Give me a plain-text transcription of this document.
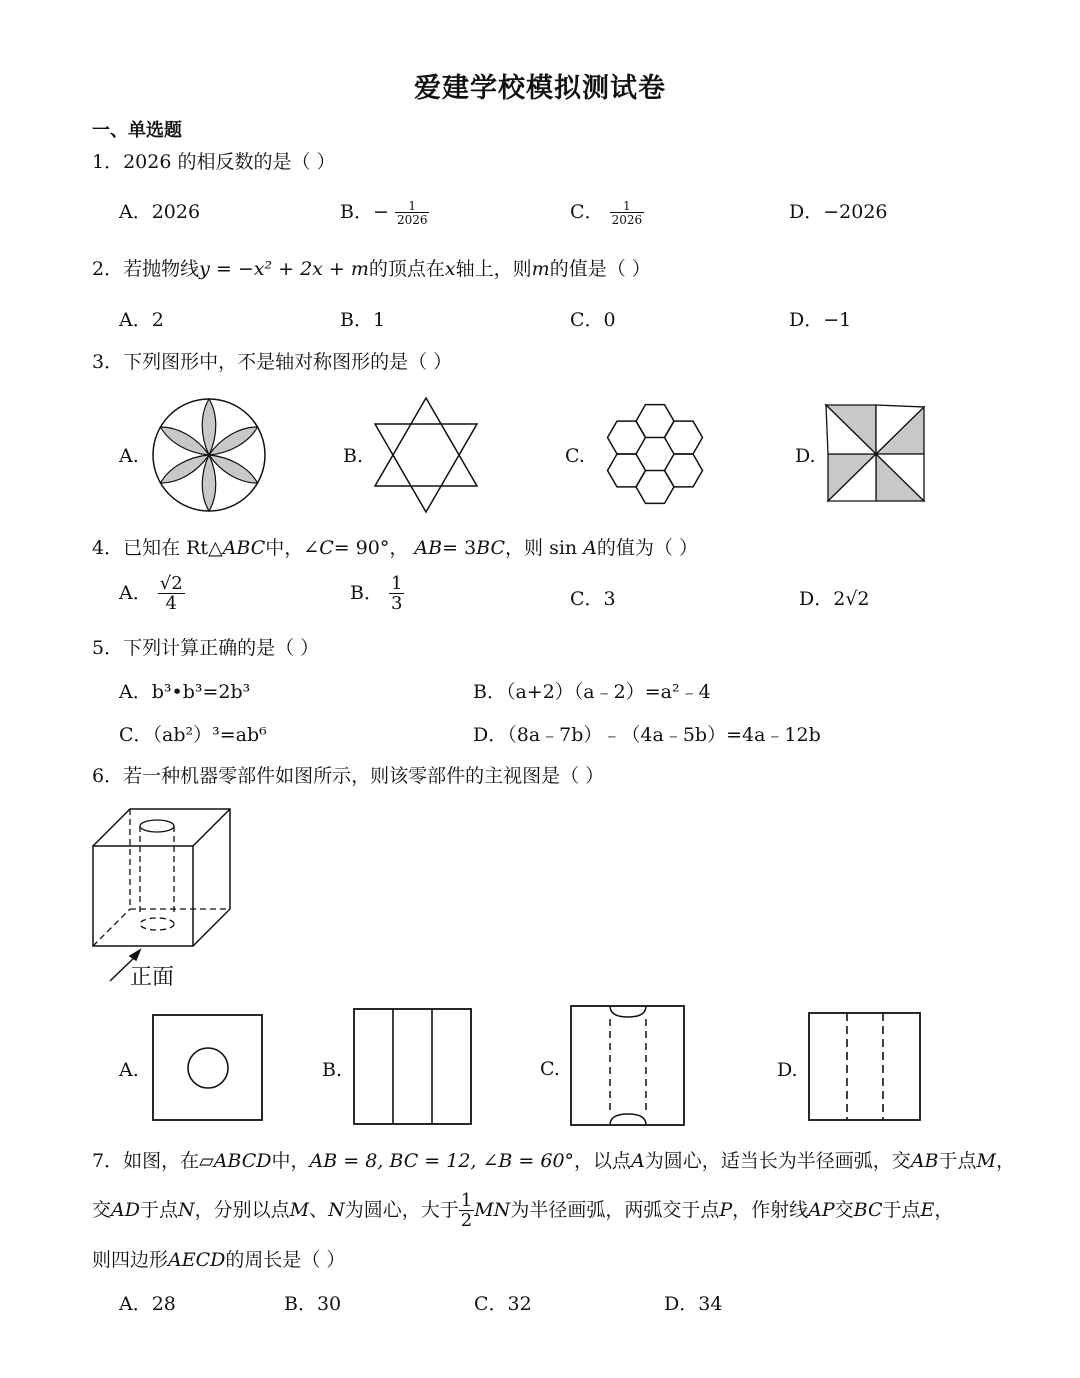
爱建学校模拟测试卷
一、单选题
1．2026 的相反数的是（ ）
A．2026	B．− $\frac{1}{2026}$	C． $\frac{1}{2026}$	D．−2026
2．若抛物线y = −x² + 2x + m的顶点在x轴上，则m的值是（ ）
A．2	B．1	C．0	D．−1
3．下列图形中，不是轴对称图形的是（ ）
A.	B.	C.	D.
4．已知在 Rt△ABC中，∠C= 90°， AB= 3BC，则 sin A的值为（ ）
A． $\frac{√2}{4}$	B． $\frac{1}{3}$	C．3	D．2√2
5．下列计算正确的是（ ）
A．b³•b³=2b³	B．（a+2）（a﹣2）=a²﹣4
C．（ab²）³=ab⁶	D．（8a﹣7b）﹣（4a﹣5b）=4a﹣12b
6．若一种机器零部件如图所示，则该零部件的主视图是（ ）
正面
A.	B.	C.	D.
7．如图，在▱ABCD中，AB = 8, BC = 12, ∠B = 60°，以点A为圆心，适当长为半径画弧，交AB于点M，
交AD于点N，分别以点M、N为圆心，大于 $\frac{1}{2}$ MN为半径画弧，两弧交于点P，作射线AP交BC于点E，
则四边形AECD的周长是（ ）
A．28	B．30	C．32	D．34
